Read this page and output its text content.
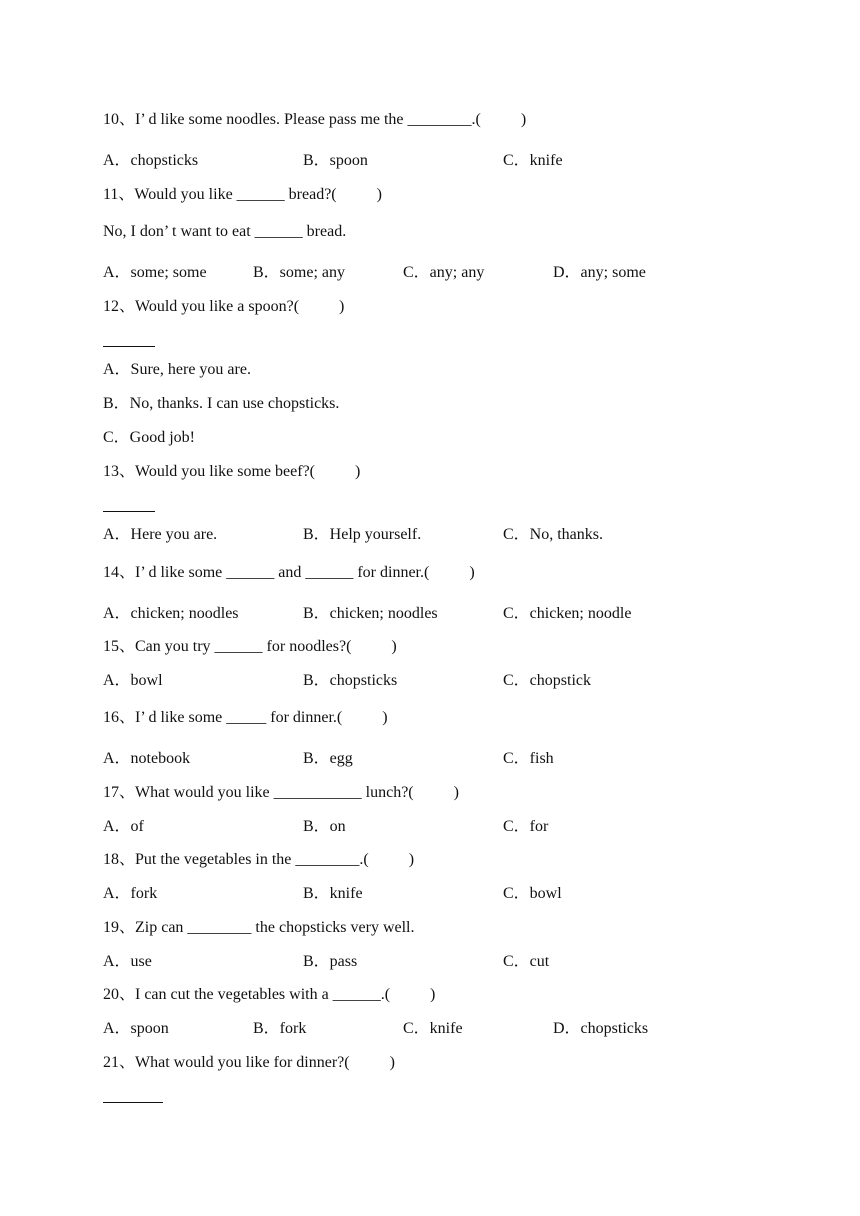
10、I’ d like some noodles. Please pass me the ________.(          )
A．chopsticks	B．spoon	C．knife
11、Would you like ______ bread?(          )
No, I don’ t want to eat ______ bread.
A．some; some	B．some; any	C．any; any	D．any; some
12、Would you like a spoon?(          )
A．Sure, here you are.
B．No, thanks. I can use chopsticks.
C．Good job!
13、Would you like some beef?(          )
A．Here you are.	B．Help yourself.	C．No, thanks.
14、I’ d like some ______ and ______ for dinner.(          )
A．chicken; noodles	B．chicken; noodles	C．chicken; noodle
15、Can you try ______ for noodles?(          )
A．bowl	B．chopsticks	C．chopstick
16、I’ d like some _____ for dinner.(          )
A．notebook	B．egg	C．fish
17、What would you like ___________ lunch?(          )
A．of	B．on	C．for
18、Put the vegetables in the ________.(          )
A．fork	B．knife	C．bowl
19、Zip can ________ the chopsticks very well.
A．use	B．pass	C．cut
20、I can cut the vegetables with a ______.(          )
A．spoon	B．fork	C．knife	D．chopsticks
21、What would you like for dinner?(          )
